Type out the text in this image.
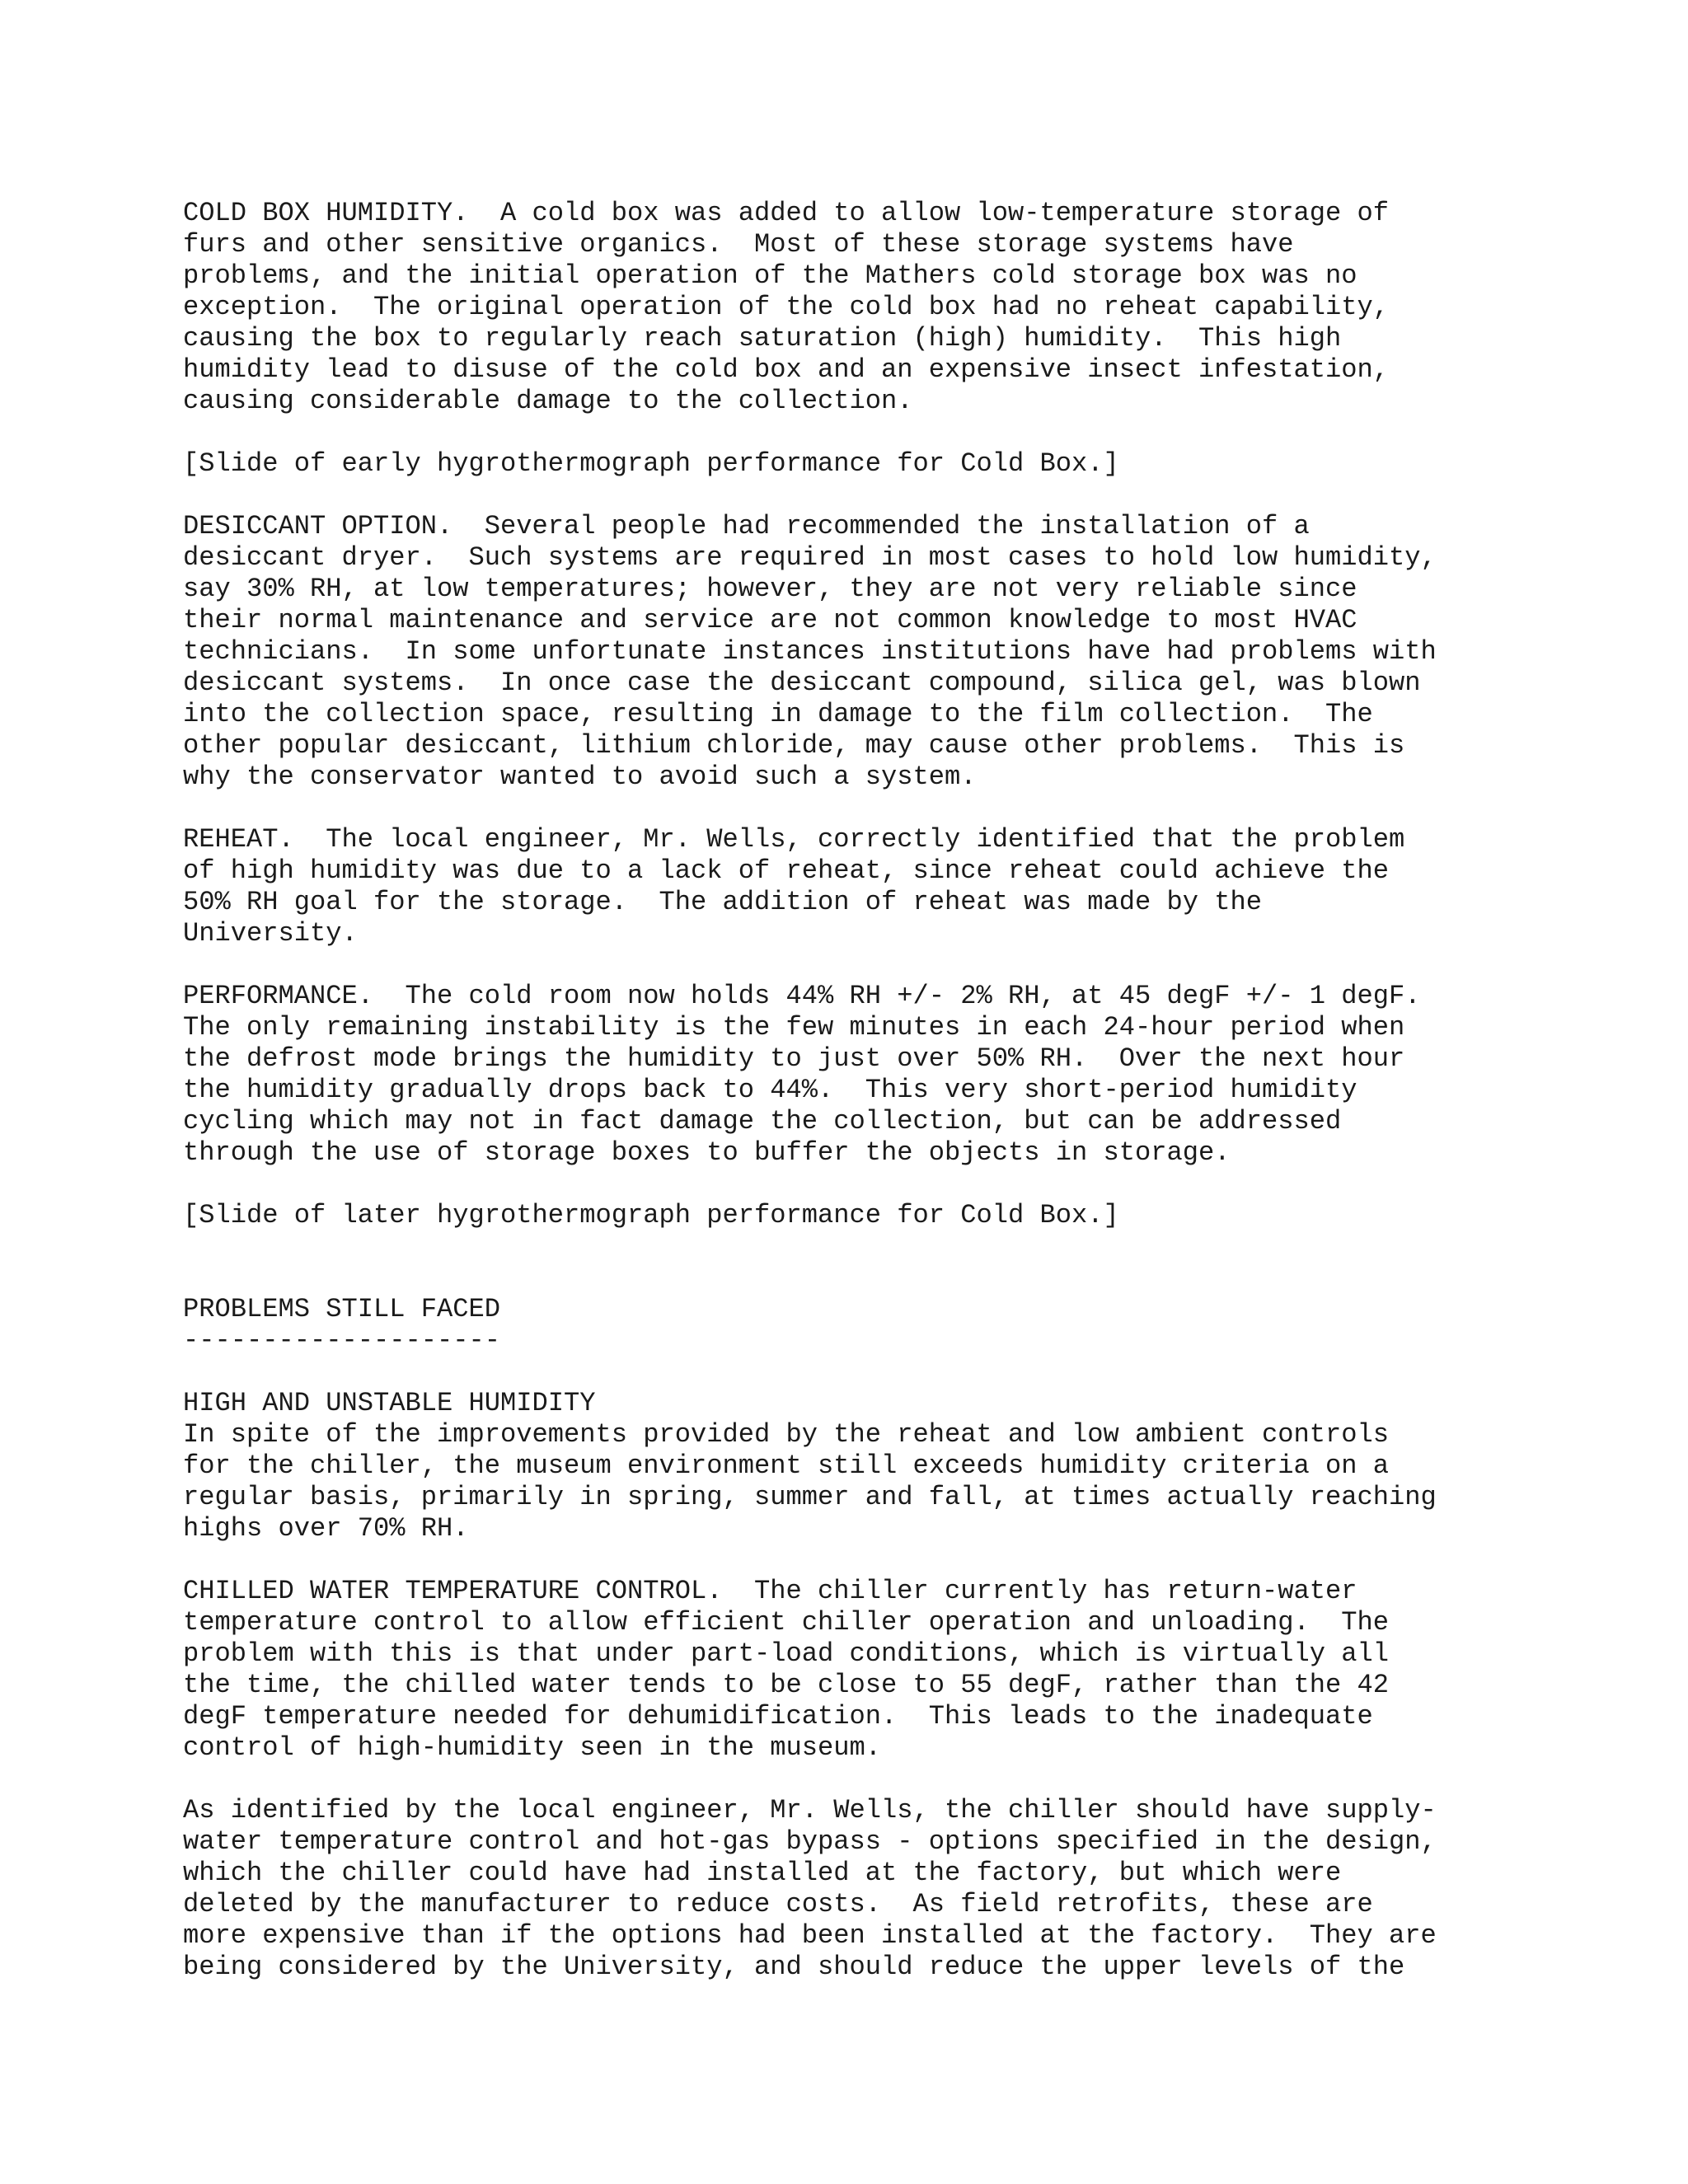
COLD BOX HUMIDITY.  A cold box was added to allow low-temperature storage of
furs and other sensitive organics.  Most of these storage systems have
problems, and the initial operation of the Mathers cold storage box was no
exception.  The original operation of the cold box had no reheat capability,
causing the box to regularly reach saturation (high) humidity.  This high
humidity lead to disuse of the cold box and an expensive insect infestation,
causing considerable damage to the collection.
[Slide of early hygrothermograph performance for Cold Box.]
DESICCANT OPTION.  Several people had recommended the installation of a
desiccant dryer.  Such systems are required in most cases to hold low humidity,
say 30% RH, at low temperatures; however, they are not very reliable since
their normal maintenance and service are not common knowledge to most HVAC
technicians.  In some unfortunate instances institutions have had problems with
desiccant systems.  In once case the desiccant compound, silica gel, was blown
into the collection space, resulting in damage to the film collection.  The
other popular desiccant, lithium chloride, may cause other problems.  This is
why the conservator wanted to avoid such a system.
REHEAT.  The local engineer, Mr. Wells, correctly identified that the problem
of high humidity was due to a lack of reheat, since reheat could achieve the
50% RH goal for the storage.  The addition of reheat was made by the
University.
PERFORMANCE.  The cold room now holds 44% RH +/- 2% RH, at 45 degF +/- 1 degF.
The only remaining instability is the few minutes in each 24-hour period when
the defrost mode brings the humidity to just over 50% RH.  Over the next hour
the humidity gradually drops back to 44%.  This very short-period humidity
cycling which may not in fact damage the collection, but can be addressed
through the use of storage boxes to buffer the objects in storage.
[Slide of later hygrothermograph performance for Cold Box.]
PROBLEMS STILL FACED
--------------------
HIGH AND UNSTABLE HUMIDITY
In spite of the improvements provided by the reheat and low ambient controls
for the chiller, the museum environment still exceeds humidity criteria on a
regular basis, primarily in spring, summer and fall, at times actually reaching
highs over 70% RH.
CHILLED WATER TEMPERATURE CONTROL.  The chiller currently has return-water
temperature control to allow efficient chiller operation and unloading.  The
problem with this is that under part-load conditions, which is virtually all
the time, the chilled water tends to be close to 55 degF, rather than the 42
degF temperature needed for dehumidification.  This leads to the inadequate
control of high-humidity seen in the museum.
As identified by the local engineer, Mr. Wells, the chiller should have supply-
water temperature control and hot-gas bypass - options specified in the design,
which the chiller could have had installed at the factory, but which were
deleted by the manufacturer to reduce costs.  As field retrofits, these are
more expensive than if the options had been installed at the factory.  They are
being considered by the University, and should reduce the upper levels of the
